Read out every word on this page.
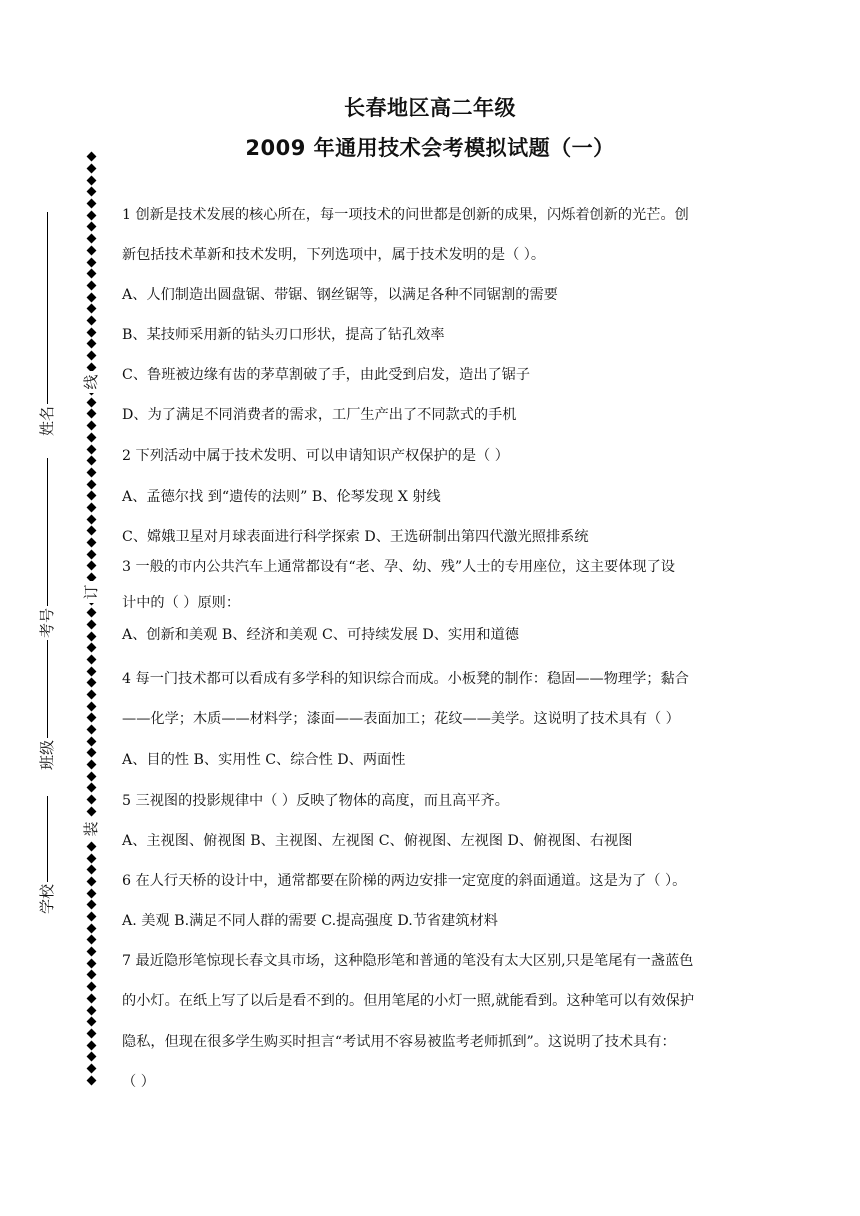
长春地区高二年级
2009 年通用技术会考模拟试题（一）
线
订
装
姓名
考号
班级
学校
1 创新是技术发展的核心所在，每一项技术的问世都是创新的成果，闪烁着创新的光芒。创
新包括技术革新和技术发明，下列选项中，属于技术发明的是（ ）。
A、人们制造出圆盘锯、带锯、钢丝锯等，以满足各种不同锯割的需要
B、某技师采用新的钻头刃口形状，提高了钻孔效率
C、鲁班被边缘有齿的茅草割破了手，由此受到启发，造出了锯子
D、为了满足不同消费者的需求，工厂生产出了不同款式的手机
2 下列活动中属于技术发明、可以申请知识产权保护的是（ ）
A、孟德尔找 到“遗传的法则” B、伦琴发现 X 射线
C、嫦娥卫星对月球表面进行科学探索 D、王选研制出第四代激光照排系统
3 一般的市内公共汽车上通常都设有“老、孕、幼、残”人士的专用座位，这主要体现了设
计中的（ ）原则：
A、创新和美观 B、经济和美观 C、可持续发展 D、实用和道德
4 每一门技术都可以看成有多学科的知识综合而成。小板凳的制作：稳固——物理学；黏合
——化学；木质——材料学；漆面——表面加工；花纹——美学。这说明了技术具有（ ）
A、目的性 B、实用性 C、综合性 D、两面性
5 三视图的投影规律中（ ）反映了物体的高度，而且高平齐。
A、主视图、俯视图 B、主视图、左视图 C、俯视图、左视图 D、俯视图、右视图
6 在人行天桥的设计中，通常都要在阶梯的两边安排一定宽度的斜面通道。这是为了（ ）。
A. 美观 B.满足不同人群的需要 C.提高强度 D.节省建筑材料
7 最近隐形笔惊现长春文具市场，这种隐形笔和普通的笔没有太大区别,只是笔尾有一盏蓝色
的小灯。在纸上写了以后是看不到的。但用笔尾的小灯一照,就能看到。这种笔可以有效保护
隐私，但现在很多学生购买时担言“考试用不容易被监考老师抓到”。这说明了技术具有：
（ ）
